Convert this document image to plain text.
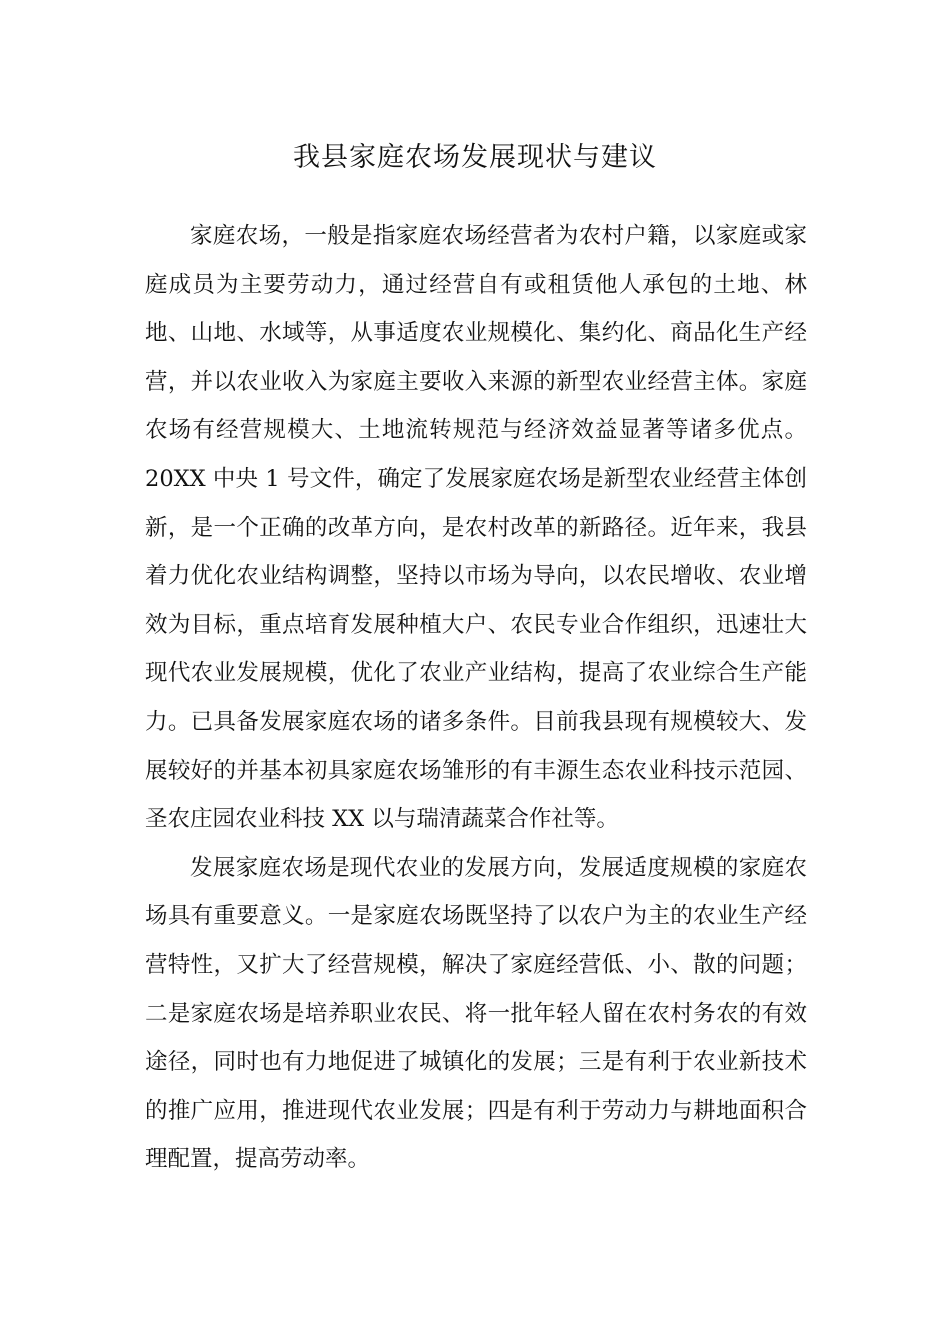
我县家庭农场发展现状与建议

家庭农场，一般是指家庭农场经营者为农村户籍，以家庭或家庭成员为主要劳动力，通过经营自有或租赁他人承包的土地、林地、山地、水域等，从事适度农业规模化、集约化、商品化生产经营，并以农业收入为家庭主要收入来源的新型农业经营主体。家庭农场有经营规模大、土地流转规范与经济效益显著等诸多优点。20XX 中央 1 号文件，确定了发展家庭农场是新型农业经营主体创新，是一个正确的改革方向，是农村改革的新路径。近年来，我县着力优化农业结构调整，坚持以市场为导向，以农民增收、农业增效为目标，重点培育发展种植大户、农民专业合作组织，迅速壮大现代农业发展规模，优化了农业产业结构，提高了农业综合生产能力。已具备发展家庭农场的诸多条件。目前我县现有规模较大、发展较好的并基本初具家庭农场雏形的有丰源生态农业科技示范园、圣农庄园农业科技 XX 以与瑞清蔬菜合作社等。

发展家庭农场是现代农业的发展方向，发展适度规模的家庭农场具有重要意义。一是家庭农场既坚持了以农户为主的农业生产经营特性，又扩大了经营规模，解决了家庭经营低、小、散的问题；二是家庭农场是培养职业农民、将一批年轻人留在农村务农的有效途径，同时也有力地促进了城镇化的发展；三是有利于农业新技术的推广应用，推进现代农业发展；四是有利于劳动力与耕地面积合理配置，提高劳动率。
